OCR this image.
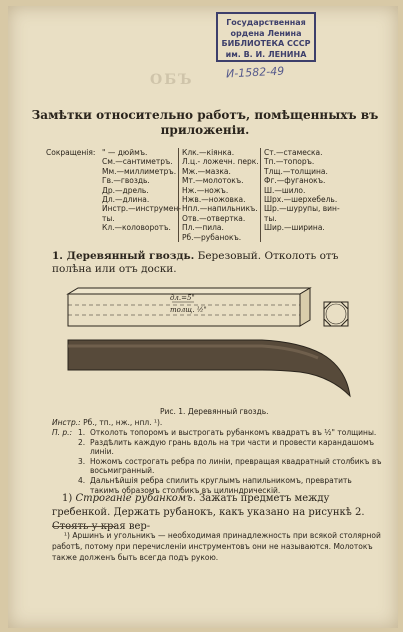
ОБЪ
Государственная
ордена Ленина
БИБЛИОТЕКА СССР
им. В. И. ЛЕНИНА
И-1582-49
Замѣтки относительно работъ, помѣщенныхъ въ приложеніи.
Сокращенія: " — дюймъ.
См.—сантиметръ.
Мм.—миллиметръ.
Гв.—гвоздь.
Др.—дрель.
Дл.—длина.
Инстр.—инструмен-
ты.
Кл.—коловоротъ.
Клк.—кіянка.
Л.ц.- ложечн. перк.
Мж.—мазка.
Мт.—молотокъ.
Нж.—ножъ.
Нжв.—ножовка.
Нпл.—напильникъ.
Отв.—отвертка.
Пл.—пила.
Рб.—рубанокъ.
Ст.—стамеска.
Тп.—топоръ.
Тлщ.—толщина.
Фг.—фуганокъ.
Ш.—шило.
Шрх.—шерхебель.
Шр.—шурупы, вин-
ты.
Шир.—ширина.
1. Деревянный гвоздь. Березовый. Отколоть отъ полѣна или отъ доски.
дл.=5"
толщ. ½"
Рис. 1. Деревянный гвоздь.
Инстр.: Рб., тп., нж., нпл. ¹).
П. р.: 1. Отколоть топоромъ и выстрогать рубанкомъ квадратъ въ ½" толщины.
2. Раздѣлить каждую грань вдоль на три части и провести карандашомъ линіи.
3. Ножомъ сострогать ребра по линіи, превращая квадратный столбикъ въ восьмигранный.
4. Дальнѣйшія ребра спилить круглымъ напильникомъ, превратить такимъ образомъ столбикъ въ цилиндрическій.
1) Строганіе рубанкомъ. Зажать предметъ между гребенкой. Держать рубанокъ, какъ указано на рисункѣ 2. Стоять у края вер-
¹) Аршинъ и угольникъ — необходимая принадлежность при всякой столярной работѣ, потому при перечисленіи инструментовъ они не называются. Молотокъ также долженъ быть всегда подъ рукою.
